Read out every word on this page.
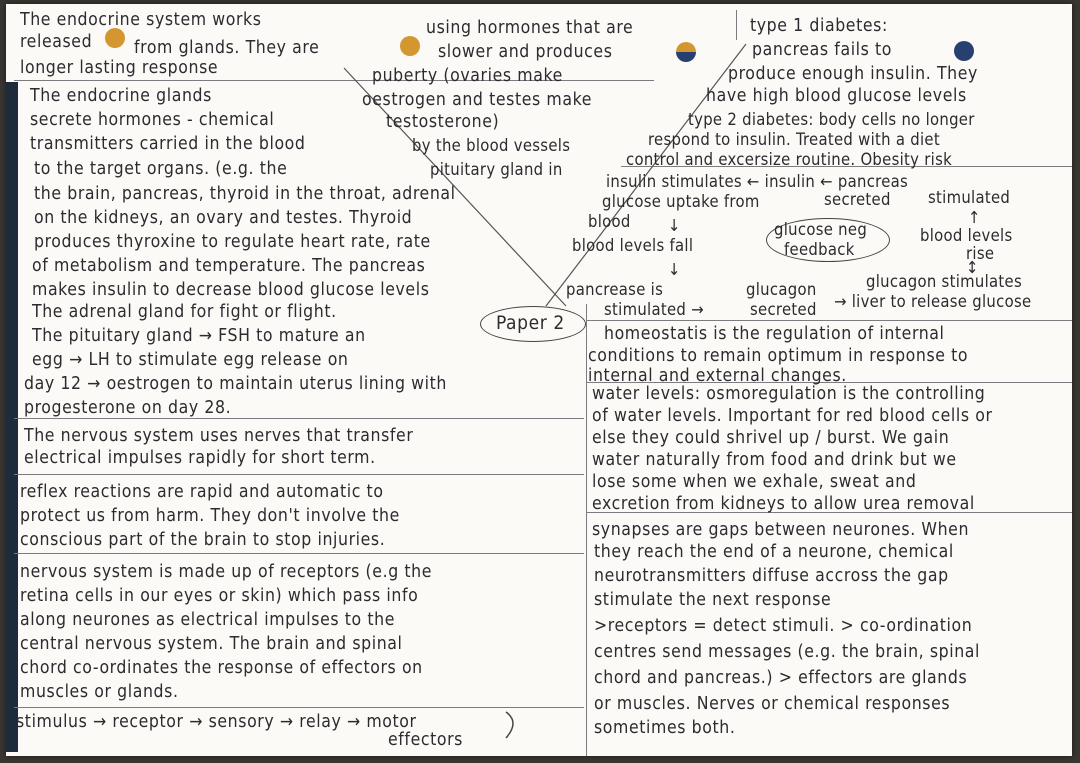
The endocrine system works	using hormones that are
released from glands. They are	slower and produces
longer lasting response	puberty (ovaries make
oestrogen and testes make
testosterone)
The endocrine glands
secrete hormones - chemical
transmitters carried in the blood	by the blood vessels
to the target organs. (e.g. the	pituitary gland in
the brain, pancreas, thyroid in the throat, adrenal
on the kidneys, an ovary and testes. Thyroid
produces thyroxine to regulate heart rate, rate
of metabolism and temperature. The pancreas
makes insulin to decrease blood glucose levels
The adrenal gland for fight or flight.
The pituitary gland → FSH to mature an
egg → LH to stimulate egg release on
day 12 → oestrogen to maintain uterus lining with
progesterone on day 28.
Paper 2
The nervous system uses nerves that transfer
electrical impulses rapidly for short term.
reflex reactions are rapid and automatic to
protect us from harm. They don't involve the
conscious part of the brain to stop injuries.
nervous system is made up of receptors (e.g the
retina cells in our eyes or skin) which pass info
along neurones as electrical impulses to the
central nervous system. The brain and spinal
chord co-ordinates the response of effectors on
muscles or glands.
stimulus → receptor → sensory → relay → motor
effectors
type 1 diabetes:
pancreas fails to
produce enough insulin. They
have high blood glucose levels
type 2 diabetes: body cells no longer
respond to insulin. Treated with a diet
control and excersize routine. Obesity risk
insulin stimulates ← insulin ← pancreas
glucose uptake from	secreted stimulated
blood ↓	↑
blood levels fall
glucose neg
feedback
blood levels
rise
↓	↕
pancrease is
stimulated →
glucagon
secreted
glucagon stimulates
→ liver to release glucose
homeostatis is the regulation of internal
conditions to remain optimum in response to
internal and external changes.
water levels: osmoregulation is the controlling
of water levels. Important for red blood cells or
else they could shrivel up / burst. We gain
water naturally from food and drink but we
lose some when we exhale, sweat and
excretion from kidneys to allow urea removal
synapses are gaps between neurones. When
they reach the end of a neurone, chemical
neurotransmitters diffuse accross the gap
stimulate the next response
>receptors = detect stimuli. > co-ordination
centres send messages (e.g. the brain, spinal
chord and pancreas.) > effectors are glands
or muscles. Nerves or chemical responses
sometimes both.
